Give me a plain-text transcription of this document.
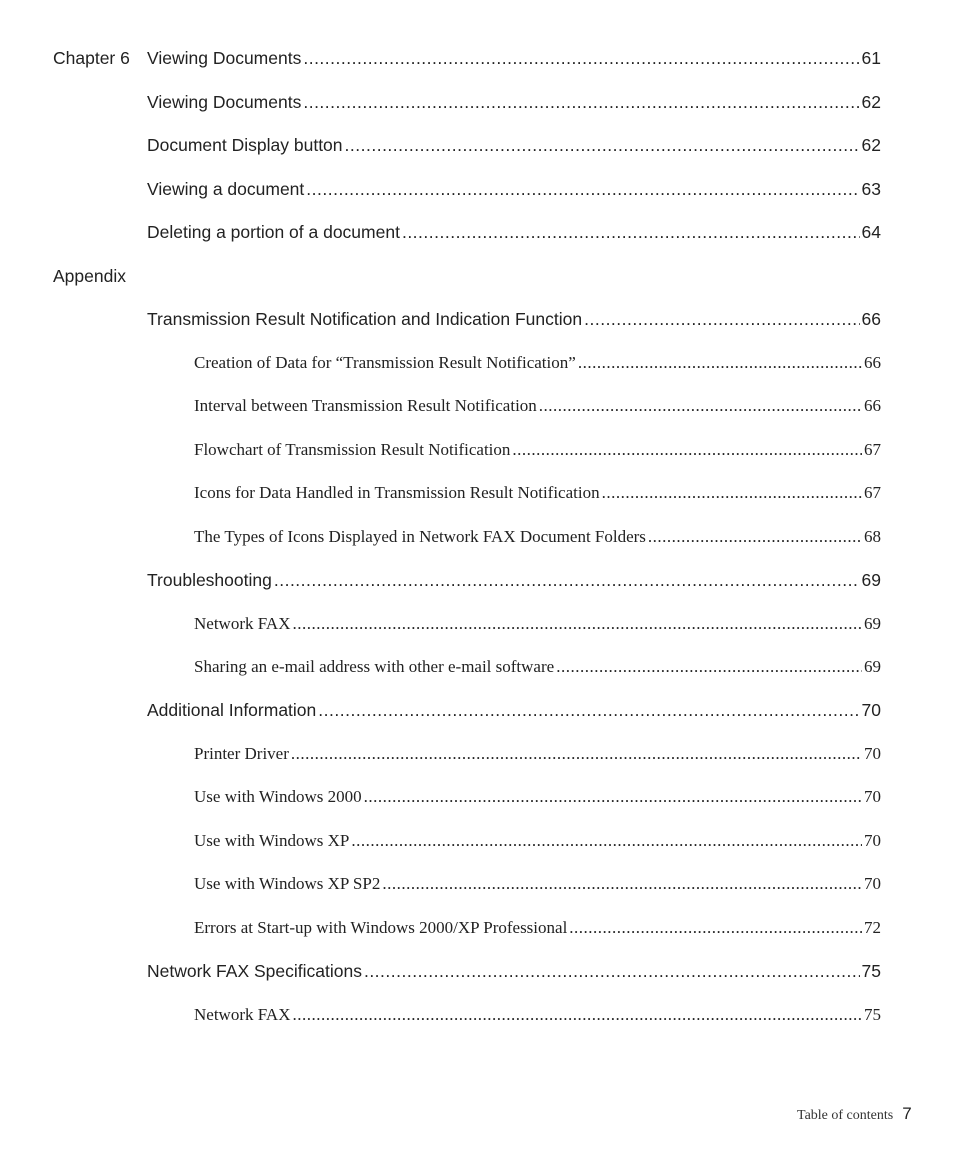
Chapter 6 Viewing Documents .....	61
Viewing Documents .....	62
Document Display button .....	62
Viewing a document .....	63
Deleting a portion of a document .....	64
Appendix
Transmission Result Notification and Indication Function .....	66
Creation of Data for “Transmission Result Notification” .....	66
Interval between Transmission Result Notification .....	66
Flowchart of Transmission Result Notification .....	67
Icons for Data Handled in Transmission Result Notification .....	67
The Types of Icons Displayed in Network FAX Document Folders .....	68
Troubleshooting .....	69
Network FAX .....	69
Sharing an e-mail address with other e-mail software .....	69
Additional Information .....	70
Printer Driver .....	70
Use with Windows 2000 .....	70
Use with Windows XP .....	70
Use with Windows XP SP2 .....	70
Errors at Start-up with Windows 2000/XP Professional .....	72
Network FAX Specifications .....	75
Network FAX .....	75
Table of contents 7
